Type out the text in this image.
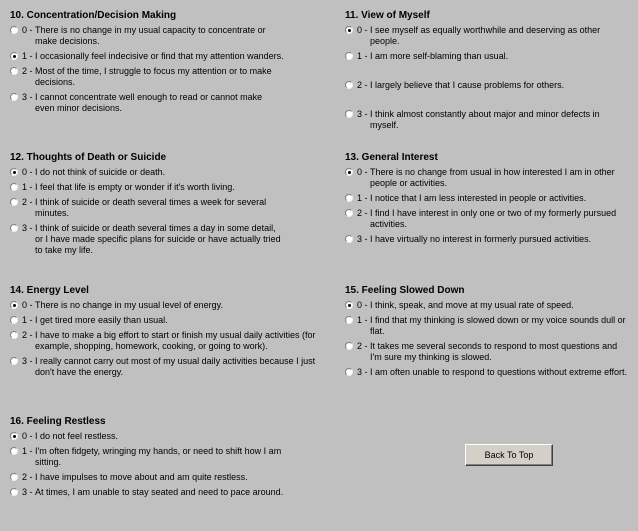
10. Concentration/Decision Making
0 - There is no change in my usual capacity to concentrate or make decisions.
1 - I occasionally feel indecisive or find that my attention wanders.
2 - Most of the time, I struggle to focus my attention or to make decisions.
3 - I cannot concentrate well enough to read or cannot make even minor decisions.
11. View of Myself
0 - I see myself as equally worthwhile and deserving as other people.
1 - I am more self-blaming than usual.
2 - I largely believe that I cause problems for others.
3 - I think almost constantly about major and minor defects in myself.
12. Thoughts of Death or Suicide
0 - I do not think of suicide or death.
1 - I feel that life is empty or wonder if it's worth living.
2 - I think of suicide or death several times a week for several minutes.
3 - I think of suicide or death several times a day in some detail, or I have made specific plans for suicide or have actually tried to take my life.
13. General Interest
0 - There is no change from usual in how interested I am in other people or activities.
1 - I notice that I am less interested in people or activities.
2 - I find I have interest in only one or two of my formerly pursued activities.
3 - I have virtually no interest in formerly pursued activities.
14. Energy Level
0 - There is no change in my usual level of energy.
1 - I get tired more easily than usual.
2 - I have to make a big effort to start or finish my usual daily activities (for example, shopping, homework, cooking, or going to work).
3 - I really cannot carry out most of my usual daily activities because I just don't have the energy.
15. Feeling Slowed Down
0 - I think, speak, and move at my usual rate of speed.
1 - I find that my thinking is slowed down or my voice sounds dull or flat.
2 - It takes me several seconds to respond to most questions and I'm sure my thinking is slowed.
3 - I am often unable to respond to questions without extreme effort.
16. Feeling Restless
0 - I do not feel restless.
1 - I'm often fidgety, wringing my hands, or need to shift how I am sitting.
2 - I have impulses to move about and am quite restless.
3 - At times, I am unable to stay seated and need to pace around.
Back To Top
